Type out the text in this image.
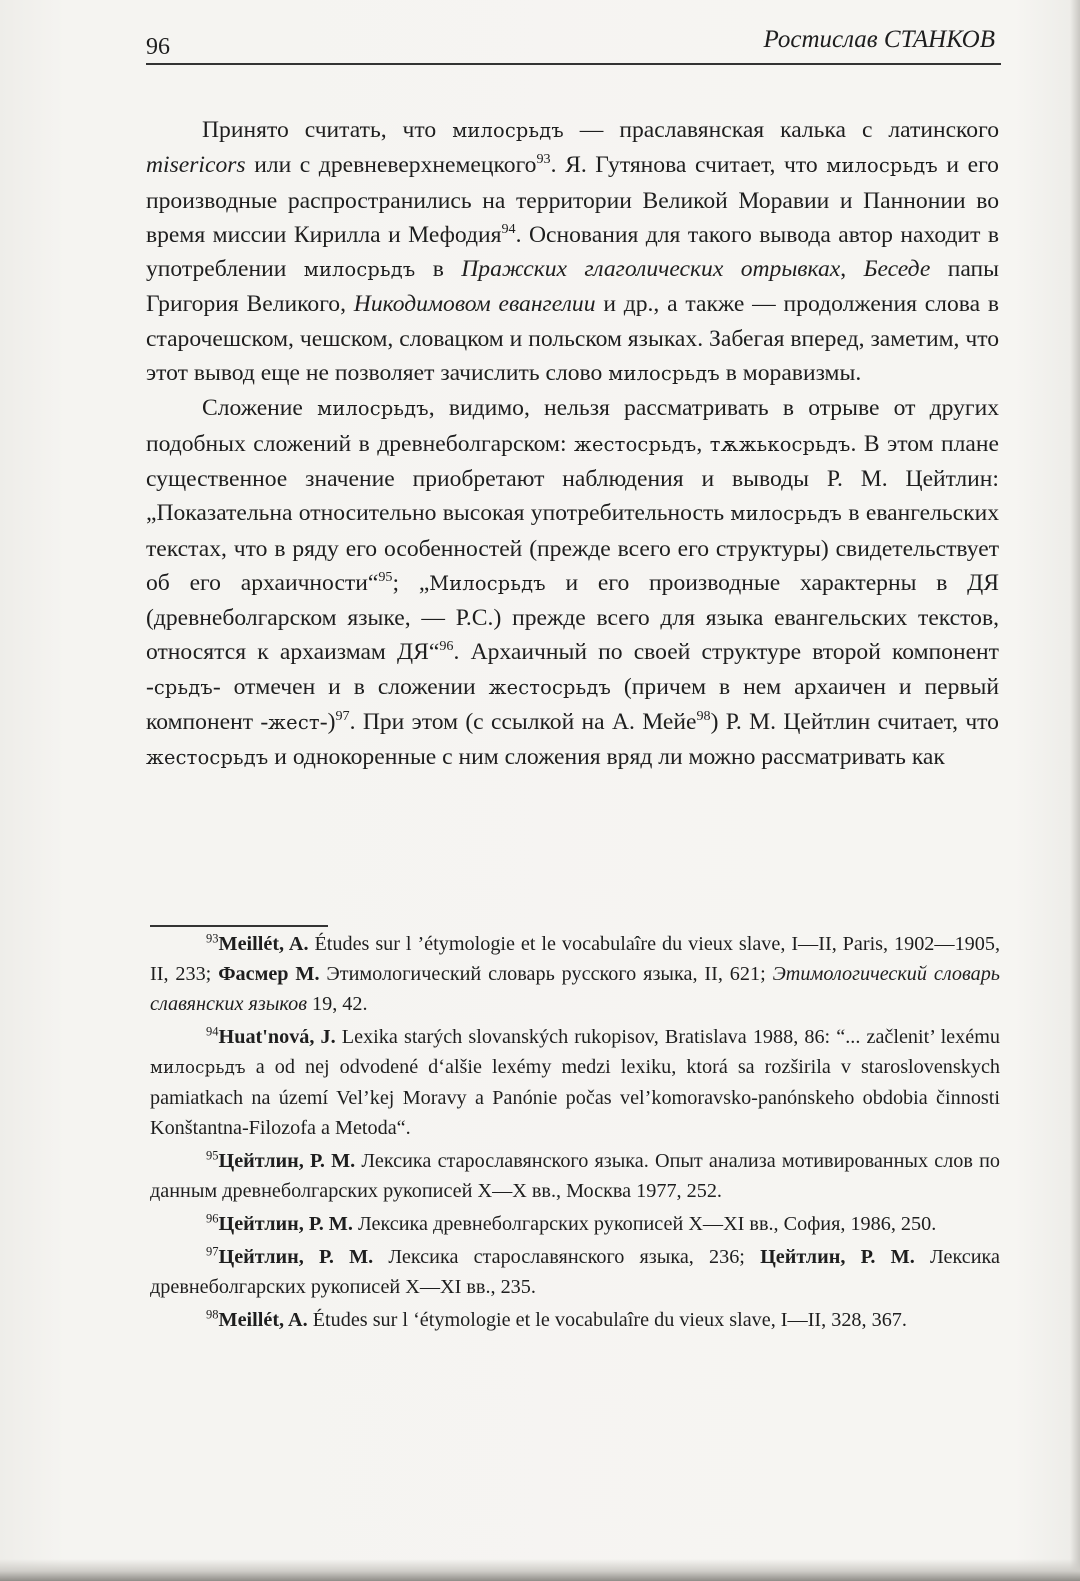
96	Ростислав СТАНКОВ

Принято считать, что милосрьдъ — праславянская калька с латинского misericors или с древневерхнемецкого$^{93}$. Я. Гутянова считает, что милосрьдъ и его производные распространились на территории Великой Моравии и Паннонии во время миссии Кирилла и Мефодия$^{94}$. Основания для такого вывода автор находит в употреблении милосрьдъ в Пражских глаголических отрывках, Беседе папы Григория Великого, Никодимовом евангелии и др., а также — продолжения слова в старочешском, чешском, словацком и польском языках. Забегая вперед, заметим, что этот вывод еще не позволяет зачислить слово милосрьдъ в моравизмы.

Сложение милосрьдъ, видимо, нельзя рассматривать в отрыве от других подобных сложений в древнеболгарском: жестосрьдъ, тѫжькосрьдъ. В этом плане существенное значение приобретают наблюдения и выводы Р. М. Цейтлин: „Показательна относительно высокая употребительность милосрьдъ в евангельских текстах, что в ряду его особенностей (прежде всего его структуры) свидетельствует об его архаичности“$^{95}$; „Милосрьдъ и его производные характерны в ДЯ (древнеболгарском языке, — Р.С.) прежде всего для языка евангельских текстов, относятся к архаизмам ДЯ“$^{96}$. Архаичный по своей структуре второй компонент -срьдъ- отмечен и в сложении жестосрьдъ (причем в нем архаичен и первый компонент -жест-)$^{97}$. При этом (с ссылкой на А. Мейе$^{98}$) Р. М. Цейтлин считает, что жестосрьдъ и однокоренные с ним сложения вряд ли можно рассматривать как

$^{93}$Meillét, A. Études sur l ’étymologie et le vocabulaîre du vieux slave, I—II, Paris, 1902—1905, II, 233; Фасмер М. Этимологический словарь русского языка, II, 621; Этимологический словарь славянских языков 19, 42.

$^{94}$Huat'nová, J. Lexika starých slovanských rukopisov, Bratislava 1988, 86: “... začlenit’ lexému милосрьдъ a od nej odvodené d‘alšie lexémy medzi lexiku, ktorá sa rozširila v staroslovenskych pamiatkach na území Vel’kej Moravy a Panónie počas vel’komoravsko-panónskeho obdobia činnosti Konštantna-Filozofa a Metoda“.

$^{95}$Цейтлин, Р. М. Лексика старославянского языка. Опыт анализа мотивированных слов по данным древнеболгарских рукописей X—X вв., Москва 1977, 252.

$^{96}$Цейтлин, Р. М. Лексика древнеболгарских рукописей X—XI вв., София, 1986, 250.

$^{97}$Цейтлин, Р. М. Лексика старославянского языка, 236; Цейтлин, Р. М. Лексика древнеболгарских рукописей X—XI вв., 235.

$^{98}$Meillét, A. Études sur l ‘étymologie et le vocabulaîre du vieux slave, I—II, 328, 367.
